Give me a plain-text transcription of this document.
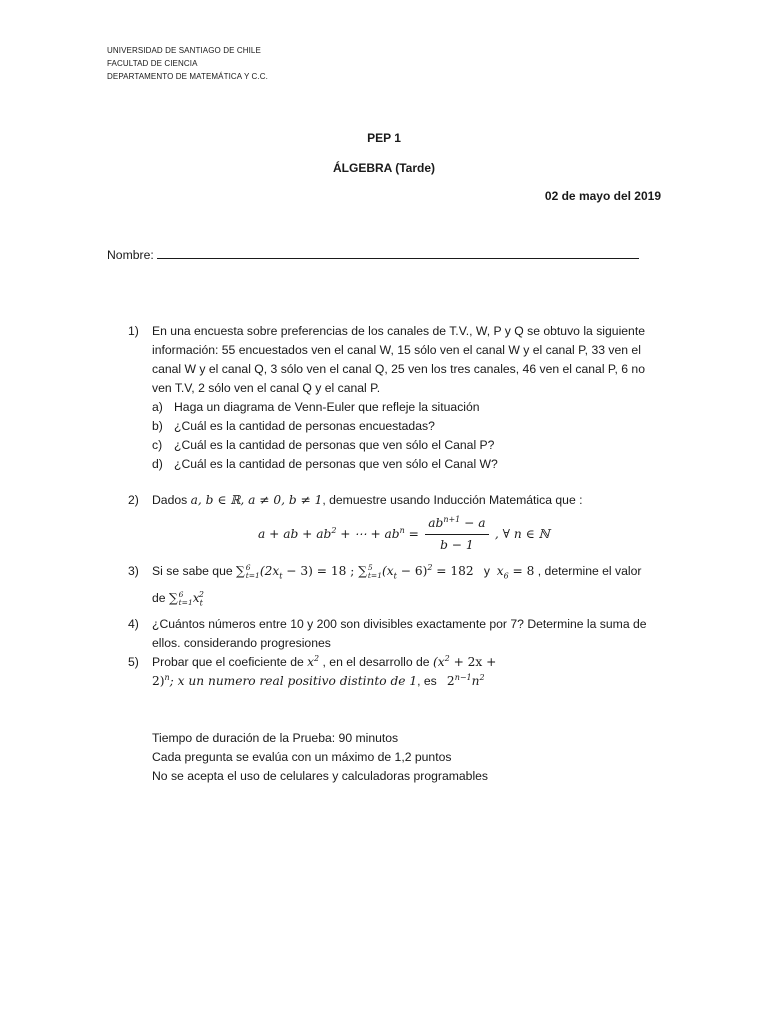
UNIVERSIDAD DE SANTIAGO DE CHILE
FACULTAD DE CIENCIA
DEPARTAMENTO DE MATEMÁTICA Y C.C.
PEP 1
ÁLGEBRA (Tarde)
02 de mayo del 2019
Nombre:
1) En una encuesta sobre preferencias de los canales de T.V., W, P y Q se obtuvo la siguiente
información: 55 encuestados ven el canal W, 15 sólo ven el canal W y el canal P, 33 ven el
canal W y el canal Q, 3 sólo ven el canal Q, 25 ven los tres canales, 46 ven el canal P, 6 no
ven T.V, 2 sólo ven el canal Q y el canal P.
a) Haga un diagrama de Venn-Euler que refleje la situación
b) ¿Cuál es la cantidad de personas encuestadas?
c) ¿Cuál es la cantidad de personas que ven sólo el Canal P?
d) ¿Cuál es la cantidad de personas que ven sólo el Canal W?
2) Dados a, b ∈ ℝ, a ≠ 0, b ≠ 1, demuestre usando Inducción Matemática que :
a + ab + $ab^2$ + ⋯ + $ab^n = \frac{ab^{n+1} - a}{b - 1}$ , ∀ n ∈ ℕ
3) Si se sabe que ∑ 6
t=1 $(2x_t - 3) = 18$ ; ∑ 5
t=1 $(x_t - 6)^2 = 182$ y $x_6 = 8$ , determine el valor
de ∑ 6
t=1 $x_t^2$
4) ¿Cuántos números entre 10 y 200 son divisibles exactamente por 7? Determine la suma de
ellos. considerando progresiones
5) Probar que el coeficiente de $x^2$ , en el desarrollo de ($x^2 + 2x$ +
2)$^n$; x un numero real positivo distinto de 1, es $2^{n-1}n^2$
Tiempo de duración de la Prueba: 90 minutos
Cada pregunta se evalúa con un máximo de 1,2 puntos
No se acepta el uso de celulares y calculadoras programables
